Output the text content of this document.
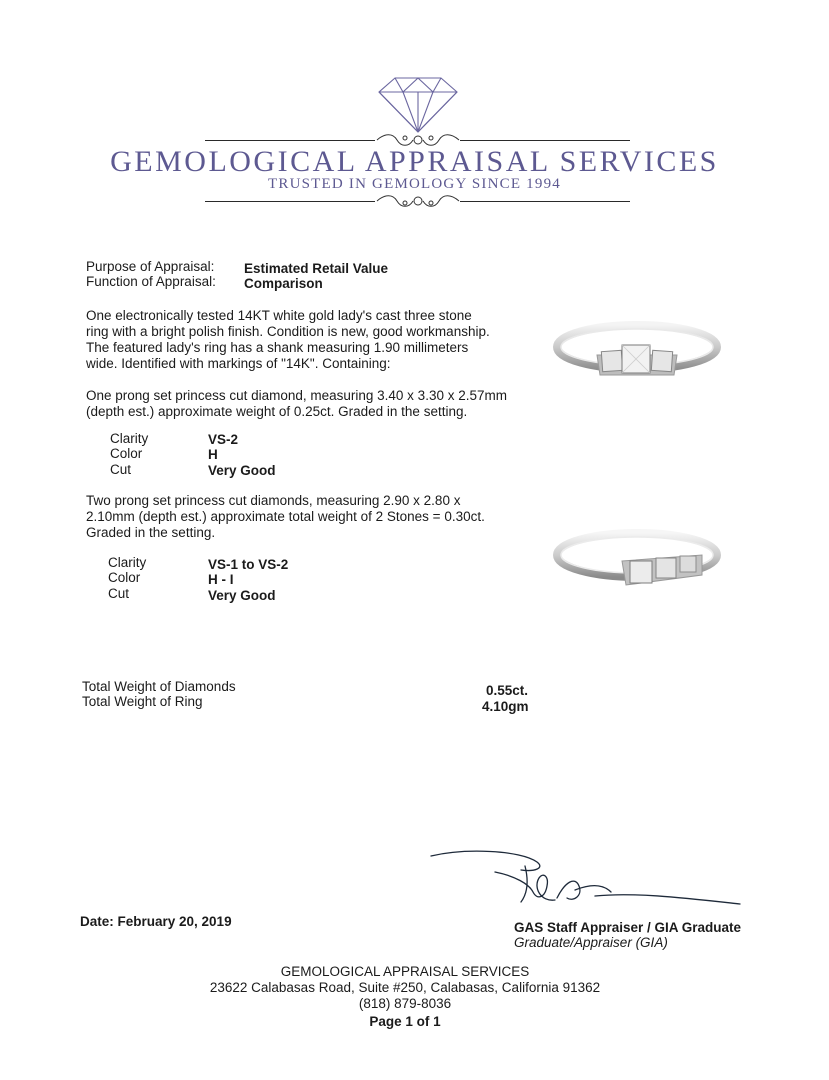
GEMOLOGICAL APPRAISAL SERVICES
TRUSTED IN GEMOLOGY SINCE 1994
Purpose of Appraisal: Estimated Retail Value
Function of Appraisal: Comparison
One electronically tested 14KT white gold lady's cast three stone
ring with a bright polish finish. Condition is new, good workmanship.
The featured lady's ring has a shank measuring 1.90 millimeters
wide. Identified with markings of "14K". Containing:
One prong set princess cut diamond, measuring 3.40 x 3.30 x 2.57mm
(depth est.) approximate weight of 0.25ct. Graded in the setting.
Clarity	VS-2
Color	H
Cut	Very Good
Two prong set princess cut diamonds, measuring 2.90 x 2.80 x
2.10mm (depth est.) approximate total weight of 2 Stones = 0.30ct.
Graded in the setting.
Clarity	VS-1 to VS-2
Color	H - I
Cut	Very Good
Total Weight of Diamonds	0.55ct.
Total Weight of Ring	4.10gm
Date: February 20, 2019	GAS Staff Appraiser / GIA Graduate
Graduate/Appraiser (GIA)
GEMOLOGICAL APPRAISAL SERVICES
23622 Calabasas Road, Suite #250, Calabasas, California 91362
(818) 879-8036
Page 1 of 1
